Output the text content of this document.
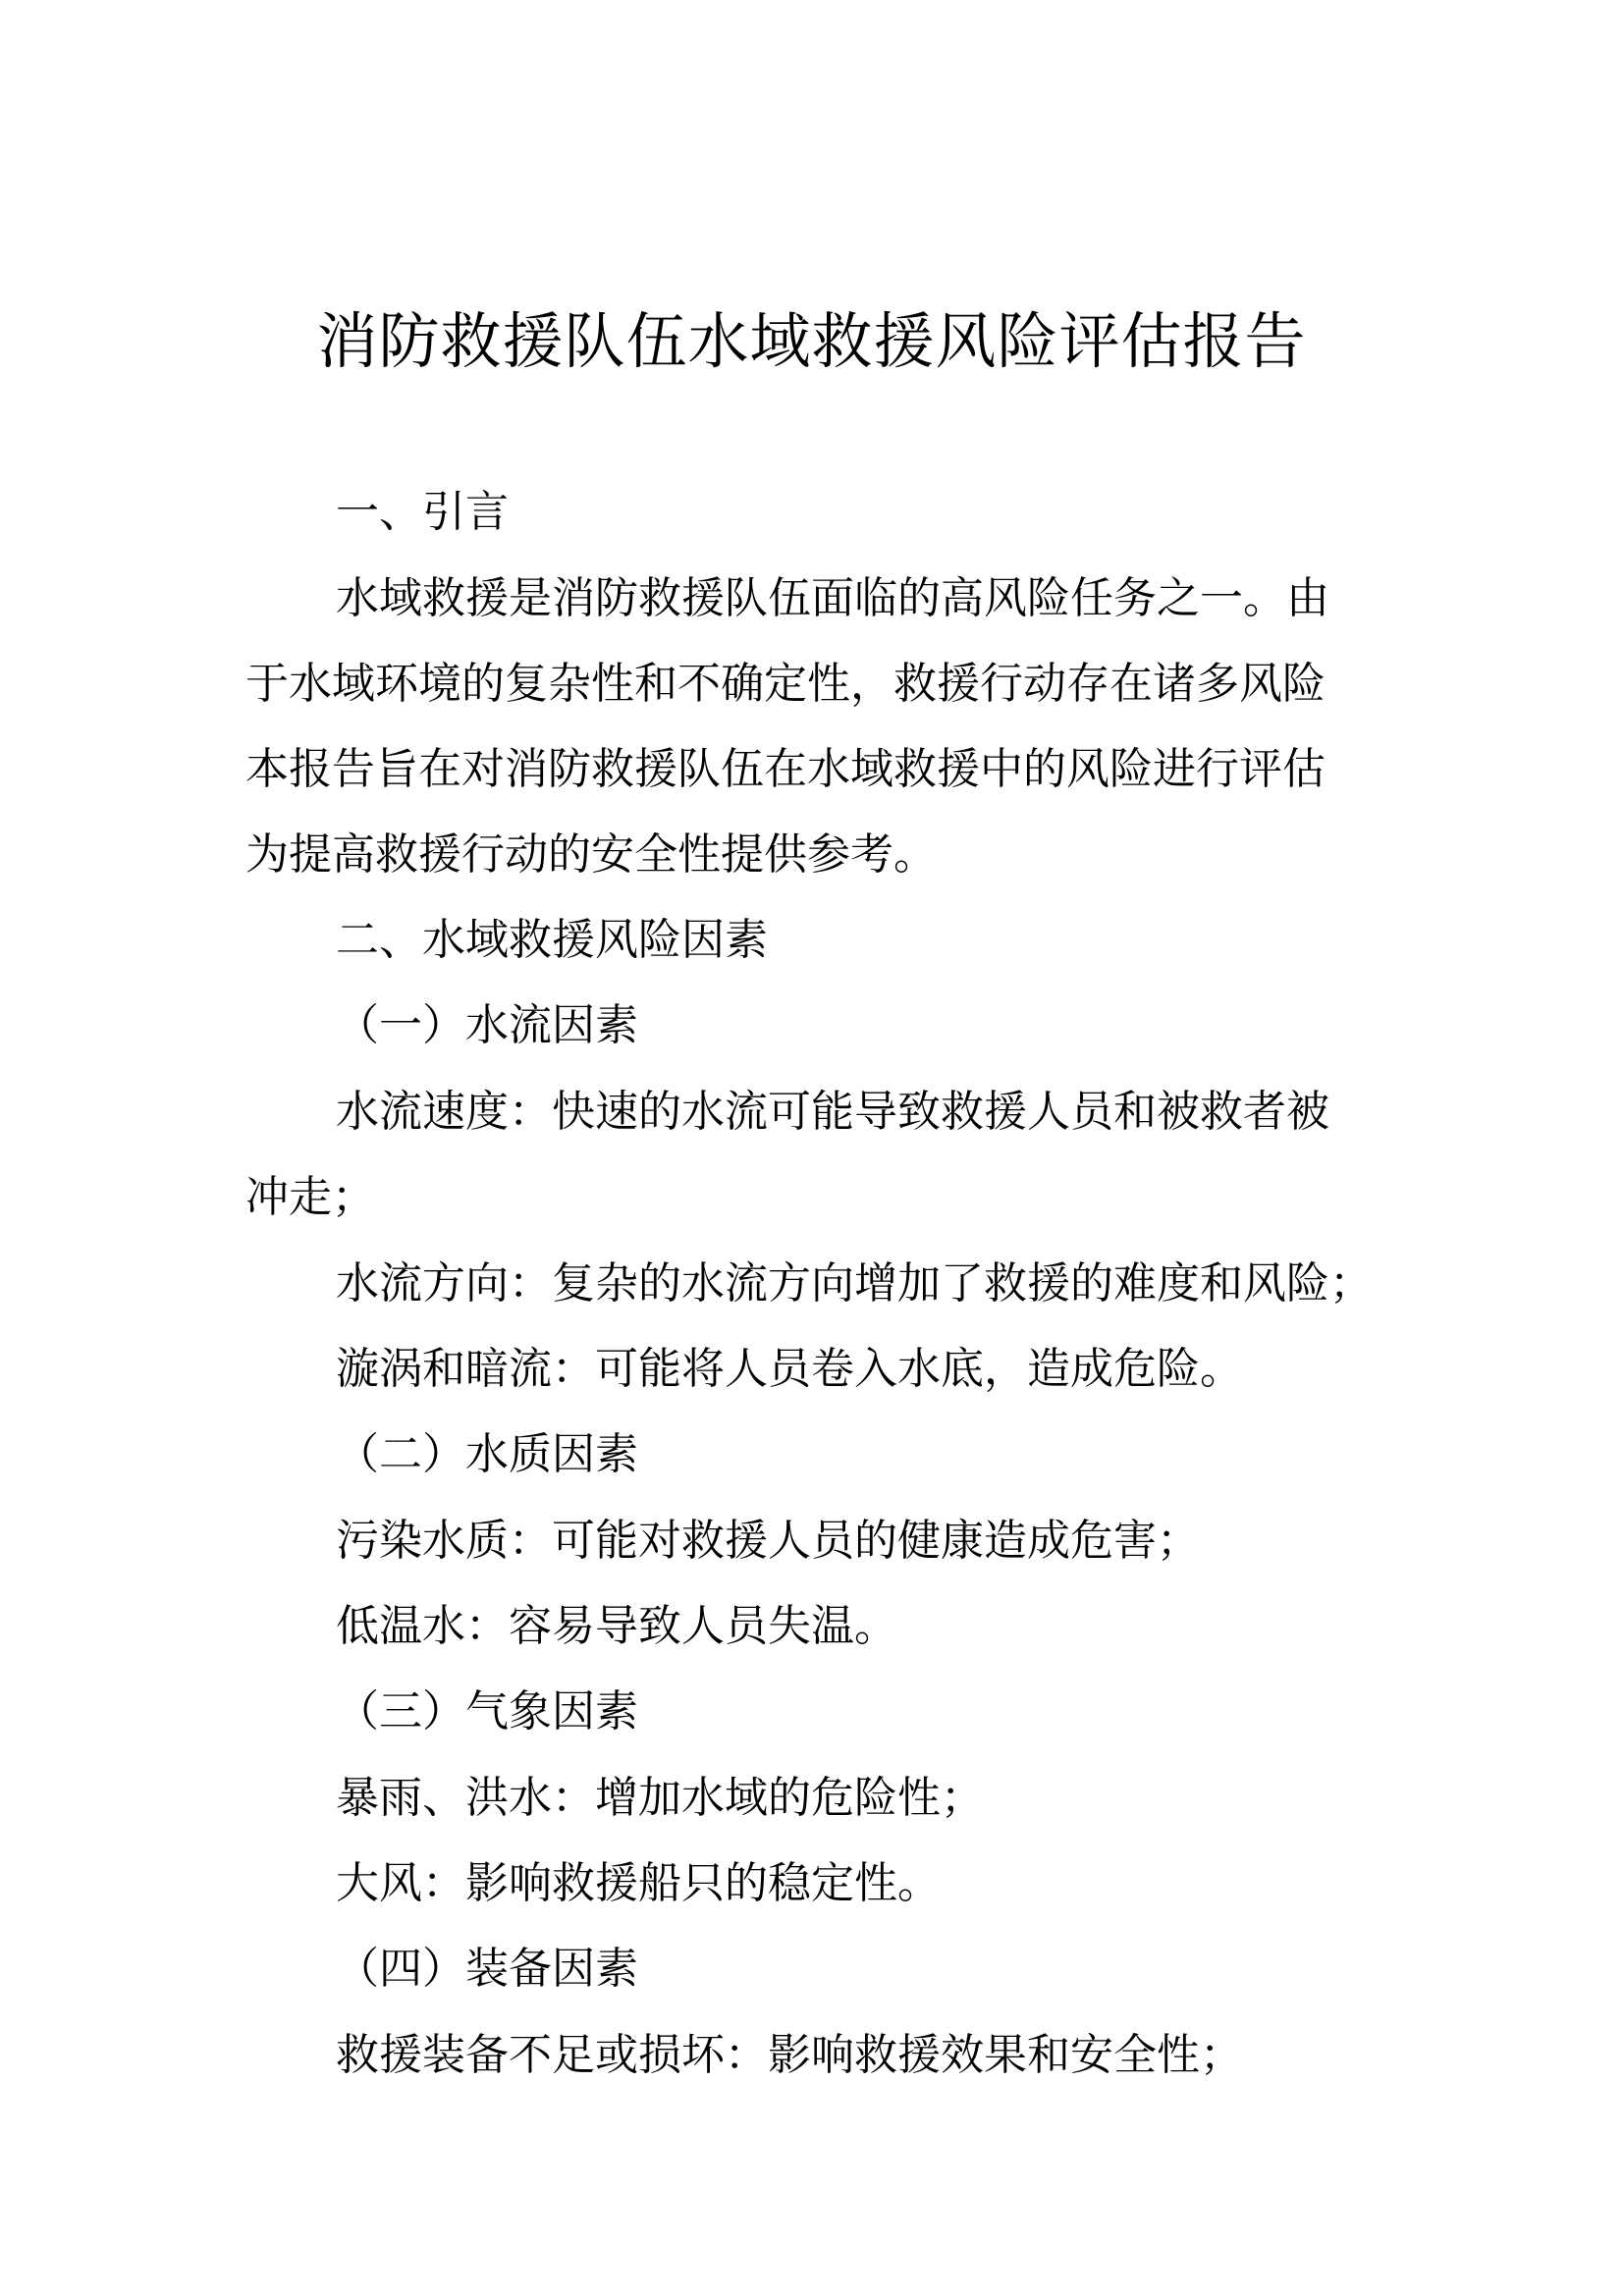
消防救援队伍水域救援风险评估报告

一、引言

水域救援是消防救援队伍面临的高风险任务之一。由

于水域环境的复杂性和不确定性，救援行动存在诸多风险

本报告旨在对消防救援队伍在水域救援中的风险进行评估

为提高救援行动的安全性提供参考。

二、水域救援风险因素

（一）水流因素

水流速度：快速的水流可能导致救援人员和被救者被

冲走；

水流方向：复杂的水流方向增加了救援的难度和风险；

漩涡和暗流：可能将人员卷入水底，造成危险。

（二）水质因素

污染水质：可能对救援人员的健康造成危害；

低温水：容易导致人员失温。

（三）气象因素

暴雨、洪水：增加水域的危险性；

大风：影响救援船只的稳定性。

（四）装备因素

救援装备不足或损坏：影响救援效果和安全性；
